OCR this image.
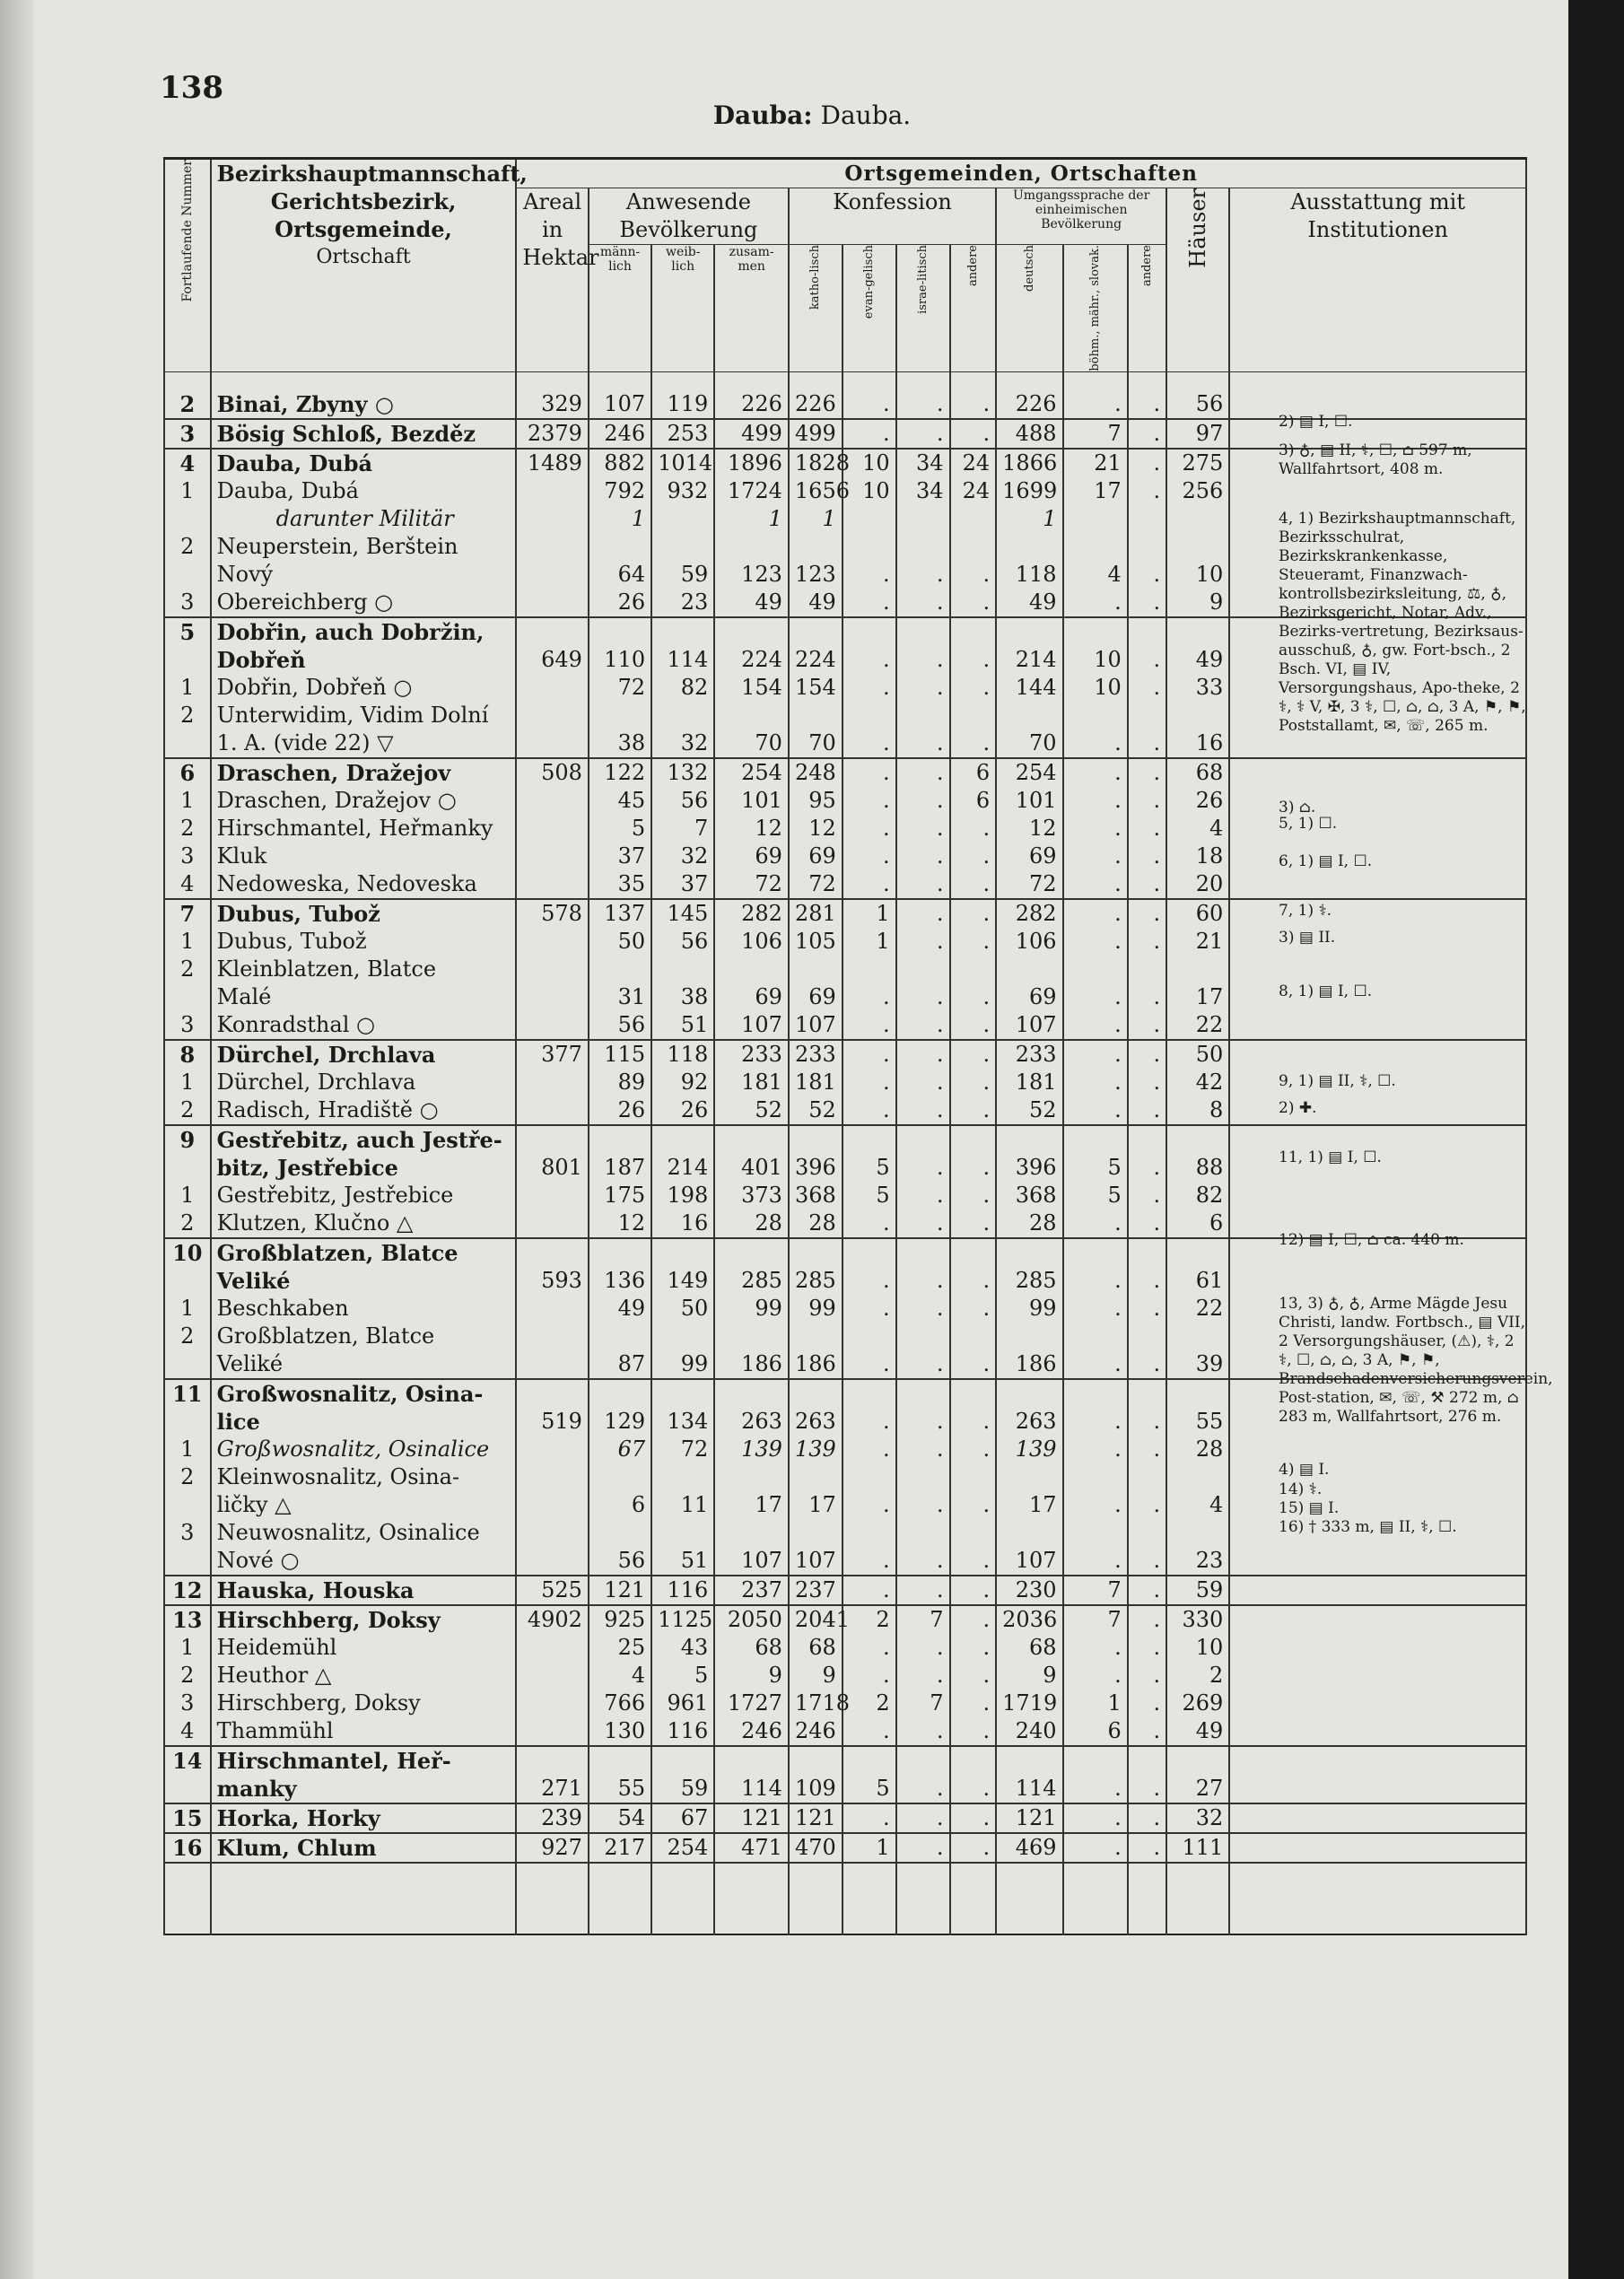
138
Dauba: Dauba.
Fortlaufende Nummer	Bezirkshauptmannschaft,
Gerichtsbezirk,
Ortsgemeinde,
Ortschaft	Ortsgemeinden, Ortschaften												
		Areal in Hektar	Anwesende Bevölkerung			Konfession				Umgangssprache der einheimischen Bevölkerung			Häuser	Ausstattung mit Institutionen
			männ-lich	weib-lich	zusam-men	katho-lisch	evan-gelisch	israe-litisch	andere	deutsch	böhm., mähr., slovak.	andere		

2	Binai, Zbyny ○	329	107	119	226	226	.	.	.	226	.	.	56	
3	Bösig Schloß, Bezděz	2379	246	253	499	499	.	.	.	488	7	.	97	
4	Dauba, Dubá	1489	882	1014	1896	1828	10	34	24	1866	21	.	275	
1	Dauba, Dubá		792	932	1724	1656	10	34	24	1699	17	.	256	
	darunter Militär		1		1	1				1				
2	Neuperstein, Berštein													
	Nový		64	59	123	123	.	.	.	118	4	.	10	
3	Obereichberg ○		26	23	49	49	.	.	.	49	.	.	9	
5	Dobřin, auch Dobržin,													
	Dobřeň	649	110	114	224	224	.	.	.	214	10	.	49	
1	Dobřin, Dobřeň ○		72	82	154	154	.	.	.	144	10	.	33	
2	Unterwidim, Vidim Dolní													
	1. A. (vide 22) ▽		38	32	70	70	.	.	.	70	.	.	16	
6	Draschen, Dražejov	508	122	132	254	248	.	.	6	254	.	.	68	
1	Draschen, Dražejov ○		45	56	101	95	.	.	6	101	.	.	26	
2	Hirschmantel, Heřmanky		5	7	12	12	.	.	.	12	.	.	4	
3	Kluk		37	32	69	69	.	.	.	69	.	.	18	
4	Nedoweska, Nedoveska		35	37	72	72	.	.	.	72	.	.	20	
7	Dubus, Tubož	578	137	145	282	281	1	.	.	282	.	.	60	
1	Dubus, Tubož		50	56	106	105	1	.	.	106	.	.	21	
2	Kleinblatzen, Blatce													
	Malé		31	38	69	69	.	.	.	69	.	.	17	
3	Konradsthal ○		56	51	107	107	.	.	.	107	.	.	22	
8	Dürchel, Drchlava	377	115	118	233	233	.	.	.	233	.	.	50	
1	Dürchel, Drchlava		89	92	181	181	.	.	.	181	.	.	42	
2	Radisch, Hradiště ○		26	26	52	52	.	.	.	52	.	.	8	
9	Gestřebitz, auch Jestře-													
	bitz, Jestřebice	801	187	214	401	396	5	.	.	396	5	.	88	
1	Gestřebitz, Jestřebice		175	198	373	368	5	.	.	368	5	.	82	
2	Klutzen, Klučno △		12	16	28	28	.	.	.	28	.	.	6	
10	Großblatzen, Blatce													
	Veliké	593	136	149	285	285	.	.	.	285	.	.	61	
1	Beschkaben		49	50	99	99	.	.	.	99	.	.	22	
2	Großblatzen, Blatce													
	Veliké		87	99	186	186	.	.	.	186	.	.	39	
11	Großwosnalitz, Osina-													
	lice	519	129	134	263	263	.	.	.	263	.	.	55	
1	Großwosnalitz, Osinalice		67	72	139	139	.	.	.	139	.	.	28	
2	Kleinwosnalitz, Osina-													
	ličky △		6	11	17	17	.	.	.	17	.	.	4	
3	Neuwosnalitz, Osinalice													
	Nové ○		56	51	107	107	.	.	.	107	.	.	23	
12	Hauska, Houska	525	121	116	237	237	.	.	.	230	7	.	59	
13	Hirschberg, Doksy	4902	925	1125	2050	2041	2	7	.	2036	7	.	330	
1	Heidemühl		25	43	68	68	.	.	.	68	.	.	10	
2	Heuthor △		4	5	9	9	.	.	.	9	.	.	2	
3	Hirschberg, Doksy		766	961	1727	1718	2	7	.	1719	1	.	269	
4	Thammühl		130	116	246	246	.	.	.	240	6	.	49	
14	Hirschmantel, Heř-													
	manky	271	55	59	114	109	5	.	.	114	.	.	27	
15	Horka, Horky	239	54	67	121	121	.	.	.	121	.	.	32	
16	Klum, Chlum	927	217	254	471	470	1	.	.	469	.	.	111	

2) ▤ I, ☐.
3) ♁, ▤ II, ⚕, ☐, ⌂ 597 m, Wallfahrtsort, 408 m.
4, 1) Bezirkshauptmannschaft, Bezirksschulrat, Bezirkskrankenkasse, Steueramt, Finanzwach-kontrollsbezirksleitung, ⚖, ♁, Bezirksgericht, Notar, Adv., Bezirks-vertretung, Bezirksaus-ausschuß, ♁, gw. Fort-bsch., 2 Bsch. VI, ▤ IV, Versorgungshaus, Apo-theke, 2 ⚕, ⚕ V, ✠, 3 ⚕, ☐, ⌂, ⌂, 3 A, ⚑, ⚑, Poststallamt, ✉, ☏, 265 m.
3) ⌂.
5, 1) ☐.
6, 1) ▤ I, ☐.
7, 1) ⚕.
3) ▤ II.
8, 1) ▤ I, ☐.
9, 1) ▤ II, ⚕, ☐.
2) ✚.
11, 1) ▤ I, ☐.
12) ▤ I, ☐, ⌂ ca. 440 m.
13, 3) ♁, ♁, Arme Mägde Jesu Christi, landw. Fortbsch., ▤ VII, 2 Versorgungshäuser, (⚠), ⚕, 2 ⚕, ☐, ⌂, ⌂, 3 A, ⚑, ⚑, Brandschadenversicherungsverein, Post-station, ✉, ☏, ⚒ 272 m, ⌂ 283 m, Wallfahrtsort, 276 m.
4) ▤ I.
14) ⚕.
15) ▤ I.
16) † 333 m, ▤ II, ⚕, ☐.
